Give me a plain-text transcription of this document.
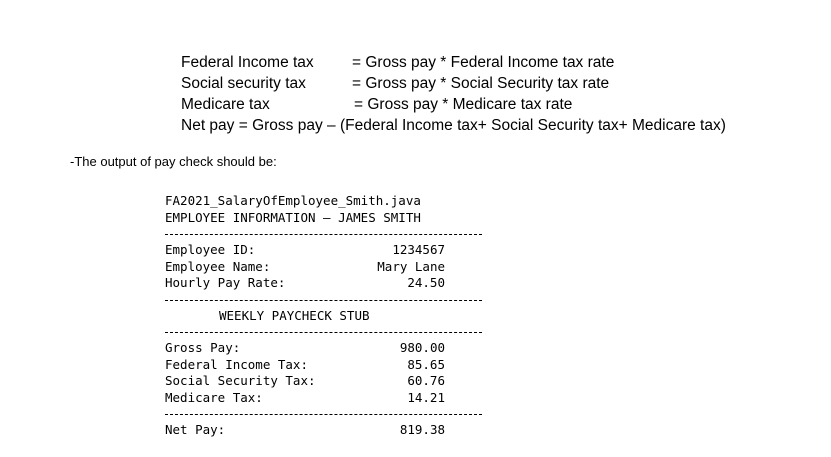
Federal Income tax = Gross pay * Federal Income tax rate
Social security tax	= Gross pay * Social Security tax rate
Medicare tax	= Gross pay * Medicare tax rate
Net pay = Gross pay – (Federal Income tax+ Social Security tax+ Medicare tax)
-The output of pay check should be:
FA2021_SalaryOfEmployee_Smith.java
EMPLOYEE INFORMATION – JAMES SMITH
Employee ID:	1234567
Employee Name:	Mary Lane
Hourly Pay Rate:	24.50
WEEKLY PAYCHECK STUB
Gross Pay:	980.00
Federal Income Tax:	85.65
Social Security Tax:	60.76
Medicare Tax:	14.21
Net Pay:	819.38
